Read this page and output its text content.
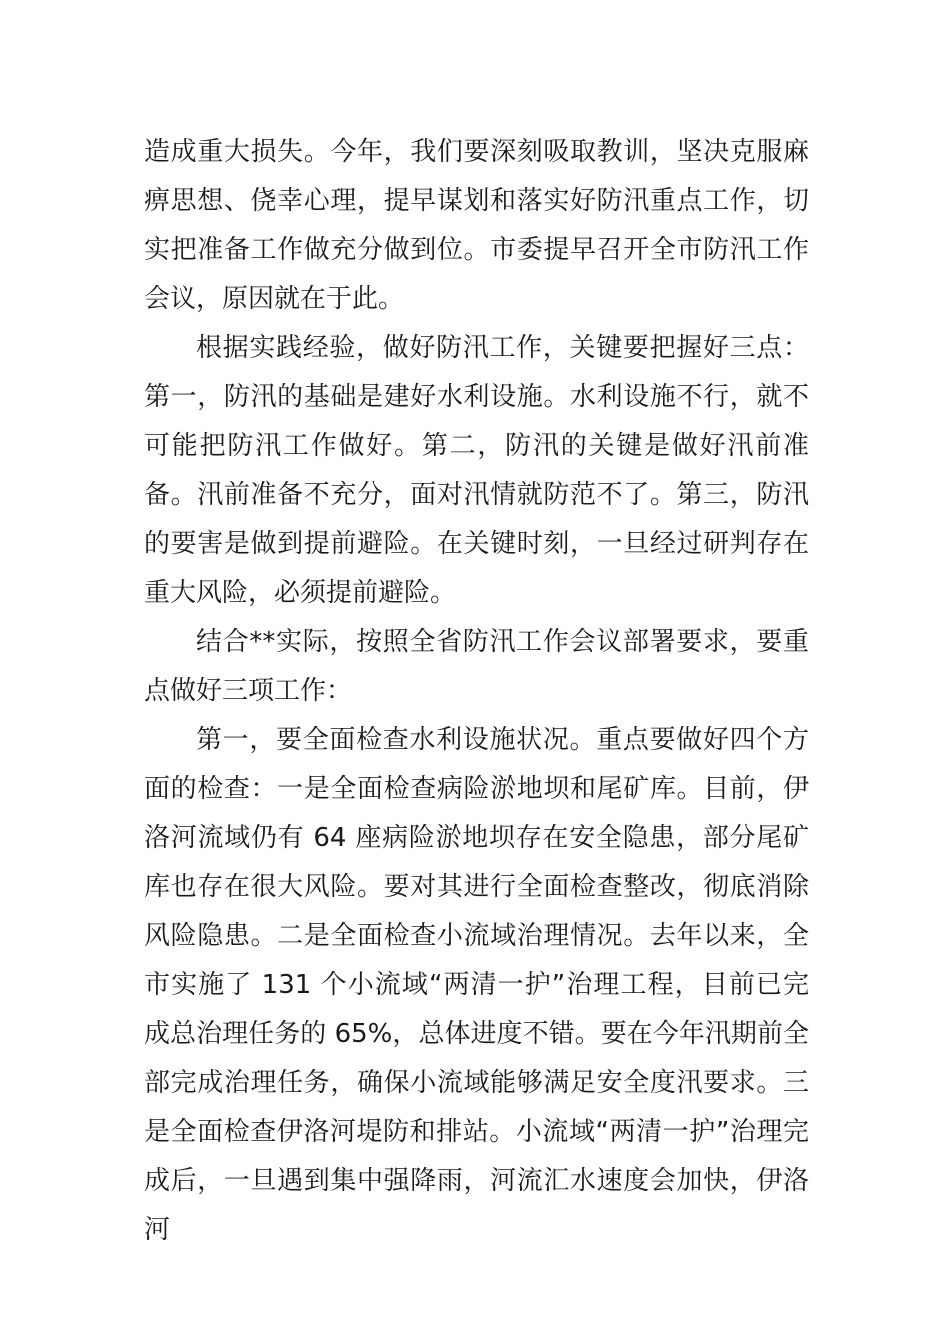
造成重大损失。今年，我们要深刻吸取教训，坚决克服麻痹思想、侥幸心理，提早谋划和落实好防汛重点工作，切实把准备工作做充分做到位。市委提早召开全市防汛工作会议，原因就在于此。

根据实践经验，做好防汛工作，关键要把握好三点：第一，防汛的基础是建好水利设施。水利设施不行，就不可能把防汛工作做好。第二，防汛的关键是做好汛前准备。汛前准备不充分，面对汛情就防范不了。第三，防汛的要害是做到提前避险。在关键时刻，一旦经过研判存在重大风险，必须提前避险。

结合**实际，按照全省防汛工作会议部署要求，要重点做好三项工作：

第一，要全面检查水利设施状况。重点要做好四个方面的检查：一是全面检查病险淤地坝和尾矿库。目前，伊洛河流域仍有 64 座病险淤地坝存在安全隐患，部分尾矿库也存在很大风险。要对其进行全面检查整改，彻底消除风险隐患。二是全面检查小流域治理情况。去年以来，全市实施了 131 个小流域“两清一护”治理工程，目前已完成总治理任务的 65%，总体进度不错。要在今年汛期前全部完成治理任务，确保小流域能够满足安全度汛要求。三是全面检查伊洛河堤防和排站。小流域“两清一护”治理完成后，一旦遇到集中强降雨，河流汇水速度会加快，伊洛河
